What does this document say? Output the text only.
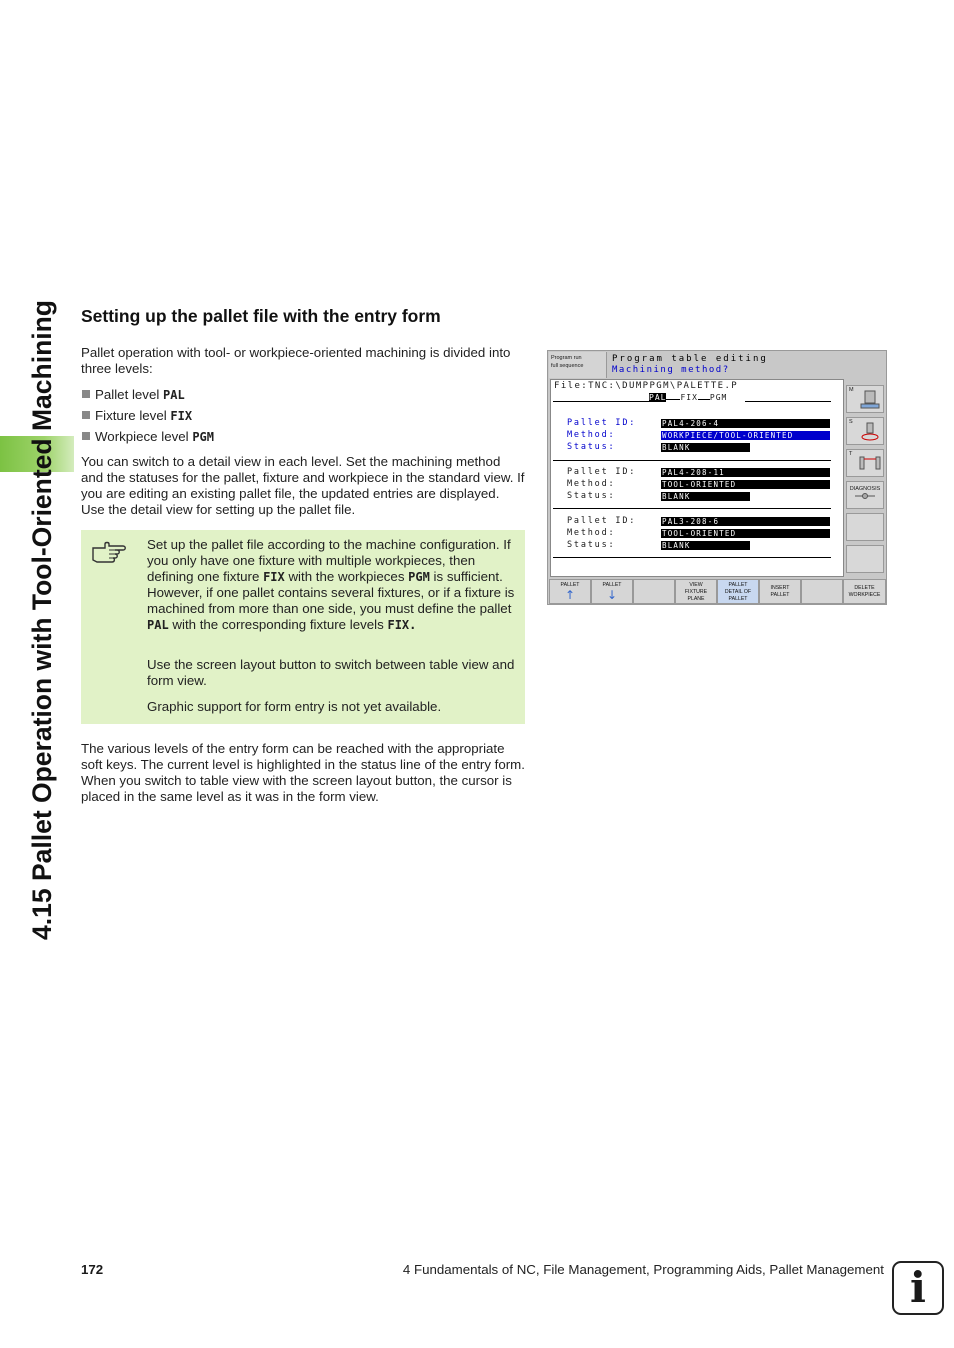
4.15 Pallet Operation with Tool-Oriented Machining Setting up the pallet file with the entry form

Pallet operation with tool- or workpiece-oriented machining is divided into three levels:

Pallet level PAL
Fixture level FIX
Workpiece level PGM

You can switch to a detail view in each level. Set the machining method and the statuses for the pallet, fixture and workpiece in the standard view. If you are editing an existing pallet file, the updated entries are displayed. Use the detail view for setting up the pallet file.

Set up the pallet file according to the machine configuration. If you only have one fixture with multiple workpieces, then defining one fixture FIX with the workpieces PGM is sufficient. However, if one pallet contains several fixtures, or if a fixture is machined from more than one side, you must define the pallet PAL with the corresponding fixture levels FIX.

Use the screen layout button to switch between table view and form view.

Graphic support for form entry is not yet available.

The various levels of the entry form can be reached with the appropriate soft keys. The current level is highlighted in the status line of the entry form. When you switch to table view with the screen layout button, the cursor is placed in the same level as it was in the form view.

Program run
full sequence
Program table editing
Machining method?
File:TNC:\DUMPPGM\PALETTE.P
PAL FIX PGM
Pallet ID:	PAL4-206-4
Method:	WORKPIECE/TOOL-ORIENTED
Status:	BLANK
Pallet ID:	PAL4-208-11
Method:	TOOL-ORIENTED
Status:	BLANK
Pallet ID:	PAL3-208-6
Method:	TOOL-ORIENTED
Status:	BLANK
M
S
T
DIAGNOSIS
PALLET
↑
PALLET
↓
VIEW
FIXTURE
PLANE
PALLET
DETAIL OF
PALLET
INSERT
PALLET
DELETE
WORKPIECE
172	4 Fundamentals of NC, File Management, Programming Aids, Pallet Management i
